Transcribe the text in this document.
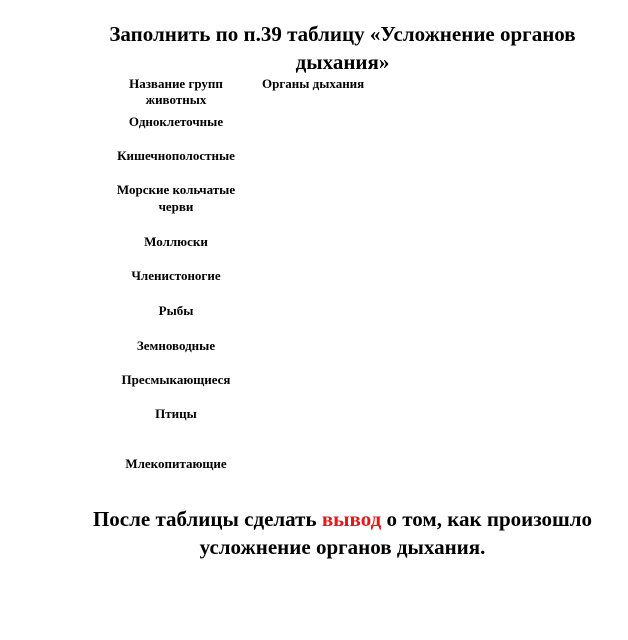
Заполнить по п.39 таблицу «Усложнение органов дыхания»
Название групп животных
Органы дыхания
Одноклеточные
Кишечнополостные
Морские кольчатые черви
Моллюски
Членистоногие
Рыбы
Земноводные
Пресмыкающиеся
Птицы
Млекопитающие
После таблицы сделать вывод о том, как произошло усложнение органов дыхания.
